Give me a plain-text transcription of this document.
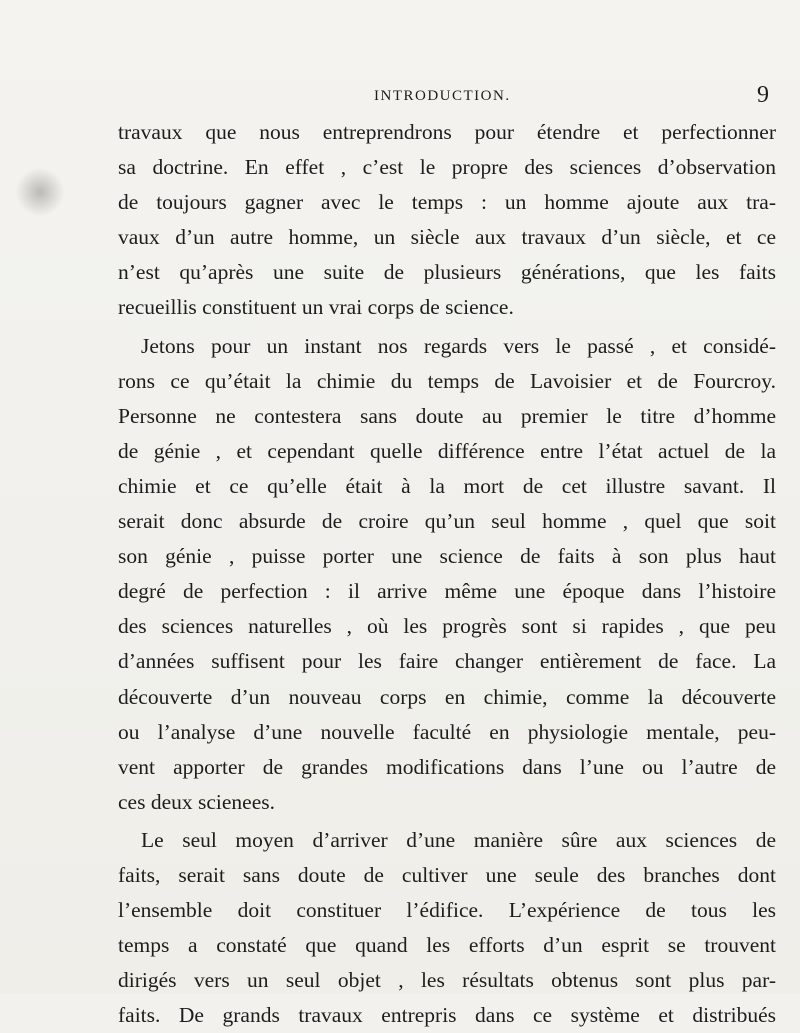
INTRODUCTION.	9
travaux que nous entreprendrons pour étendre et perfectionner
sa doctrine. En effet , c’est le propre des sciences d’observation
de toujours gagner avec le temps : un homme ajoute aux tra-
vaux d’un autre homme, un siècle aux travaux d’un siècle, et ce
n’est qu’après une suite de plusieurs générations, que les faits
recueillis constituent un vrai corps de science.
Jetons pour un instant nos regards vers le passé , et considé-
rons ce qu’était la chimie du temps de Lavoisier et de Fourcroy.
Personne ne contestera sans doute au premier le titre d’homme
de génie , et cependant quelle différence entre l’état actuel de la
chimie et ce qu’elle était à la mort de cet illustre savant. Il
serait donc absurde de croire qu’un seul homme , quel que soit
son génie , puisse porter une science de faits à son plus haut
degré de perfection : il arrive même une époque dans l’histoire
des sciences naturelles , où les progrès sont si rapides , que peu
d’années suffisent pour les faire changer entièrement de face. La
découverte d’un nouveau corps en chimie, comme la découverte
ou l’analyse d’une nouvelle faculté en physiologie mentale, peu-
vent apporter de grandes modifications dans l’une ou l’autre de
ces deux scienees.
Le seul moyen d’arriver d’une manière sûre aux sciences de
faits, serait sans doute de cultiver une seule des branches dont
l’ensemble doit constituer l’édifice. L’expérience de tous les
temps a constaté que quand les efforts d’un esprit se trouvent
dirigés vers un seul objet , les résultats obtenus sont plus par-
faits. De grands travaux entrepris dans ce système et distribués
